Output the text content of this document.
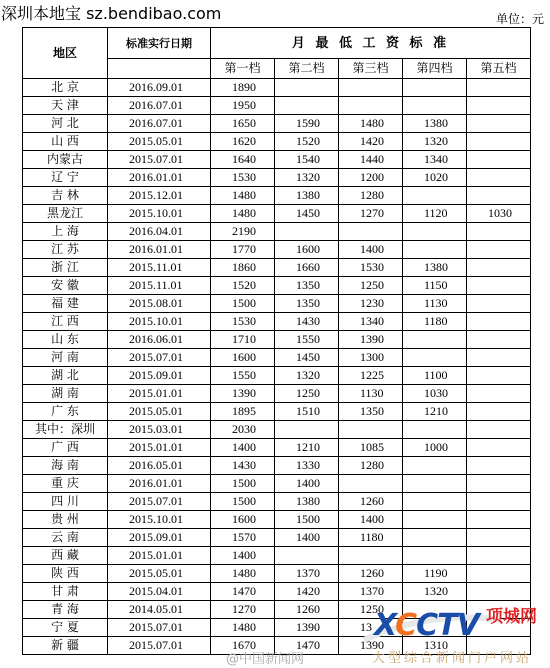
深圳本地宝 sz.bendibao.com	单位：元
地区	标准实行日期	月 最 低 工 资 标 准				
		第一档	第二档	第三档	第四档	第五档
北 京	2016.09.01	1890				
天 津	2016.07.01	1950				
河 北	2016.07.01	1650	1590	1480	1380	
山 西	2015.05.01	1620	1520	1420	1320	
内蒙古	2015.07.01	1640	1540	1440	1340	
辽 宁	2016.01.01	1530	1320	1200	1020	
吉 林	2015.12.01	1480	1380	1280		
黑龙江	2015.10.01	1480	1450	1270	1120	1030
上 海	2016.04.01	2190				
江 苏	2016.01.01	1770	1600	1400		
浙 江	2015.11.01	1860	1660	1530	1380	
安 徽	2015.11.01	1520	1350	1250	1150	
福 建	2015.08.01	1500	1350	1230	1130	
江 西	2015.10.01	1530	1430	1340	1180	
山 东	2016.06.01	1710	1550	1390		
河 南	2015.07.01	1600	1450	1300		
湖 北	2015.09.01	1550	1320	1225	1100	
湖 南	2015.01.01	1390	1250	1130	1030	
广 东	2015.05.01	1895	1510	1350	1210	
其中：深圳	2015.03.01	2030				
广 西	2015.01.01	1400	1210	1085	1000	
海 南	2016.05.01	1430	1330	1280		
重 庆	2016.01.01	1500	1400			
四 川	2015.07.01	1500	1380	1260		
贵 州	2015.10.01	1600	1500	1400		
云 南	2015.09.01	1570	1400	1180		
西 藏	2015.01.01	1400				
陕 西	2015.05.01	1480	1370	1260	1190	
甘 肃	2015.04.01	1470	1420	1370	1320	
青 海	2014.05.01	1270	1260	1250		
宁 夏	2015.07.01	1480	1390	13		
新 疆	2015.07.01	1670	1470	1390	1310	
XCCTV 项城网
大型综合新闻门户网站
@中国新闻网
